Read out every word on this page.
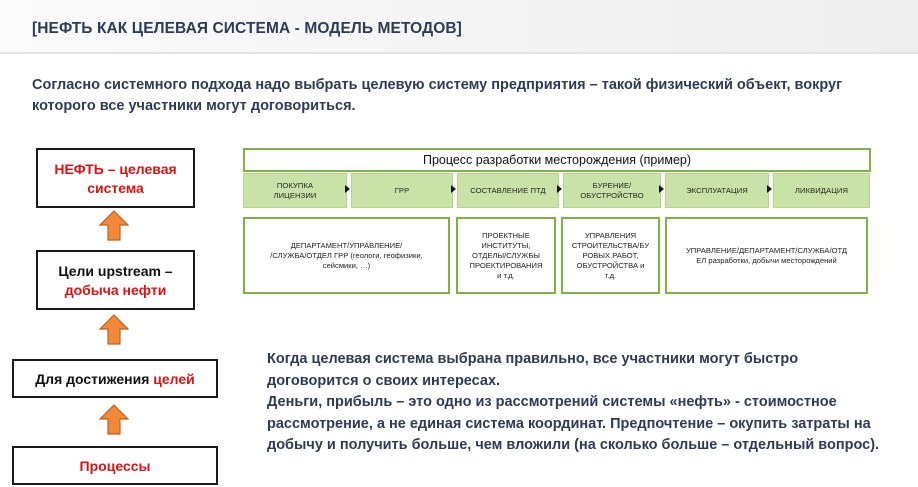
[НЕФТЬ КАК ЦЕЛЕВАЯ СИСТЕМА - МОДЕЛЬ МЕТОДОВ]
Согласно системного подхода надо выбрать целевую систему предприятия – такой физический объект, вокруг которого все участники могут договориться.
НЕФТЬ – целевая
система
Цели upstream –
добыча нефти
Для достижения целей
Процессы
Процесс разработки месторождения (пример)
ПОКУПКА
ЛИЦЕНЗИИ
ГРР	СОСТАВЛЕНИЕ ПТД
БУРЕНИЕ/
ОБУСТРОЙСТВО
ЭКСПЛУАТАЦИЯ	ЛИКВИДАЦИЯ
ДЕПАРТАМЕНТ/УПРАВЛЕНИЕ/
/СЛУЖБА/ОТДЕЛ ГРР (геологи, геофизики,
сейсмики, …)
ПРОЕКТНЫЕ
ИНСТИТУТЫ,
ОТДЕЛЫ/СЛУЖБЫ
ПРОЕКТИРОВАНИЯ
и т.д.
УПРАВЛЕНИЯ
СТРОИТЕЛЬСТВА/БУ
РОВЫХ РАБОТ,
ОБУСТРОЙСТВА и
т.д.
УПРАВЛЕНИЕ/ДЕПАРТАМЕНТ/СЛУЖБА/ОТД
ЕЛ разработки, добычи месторождений
Когда целевая система выбрана правильно, все участники могут быстро договорится о своих интересах.
Деньги, прибыль – это одно из рассмотрений системы «нефть» - стоимостное рассмотрение, а не единая система координат. Предпочтение – окупить затраты на добычу и получить больше, чем вложили (на сколько больше – отдельный вопрос).
